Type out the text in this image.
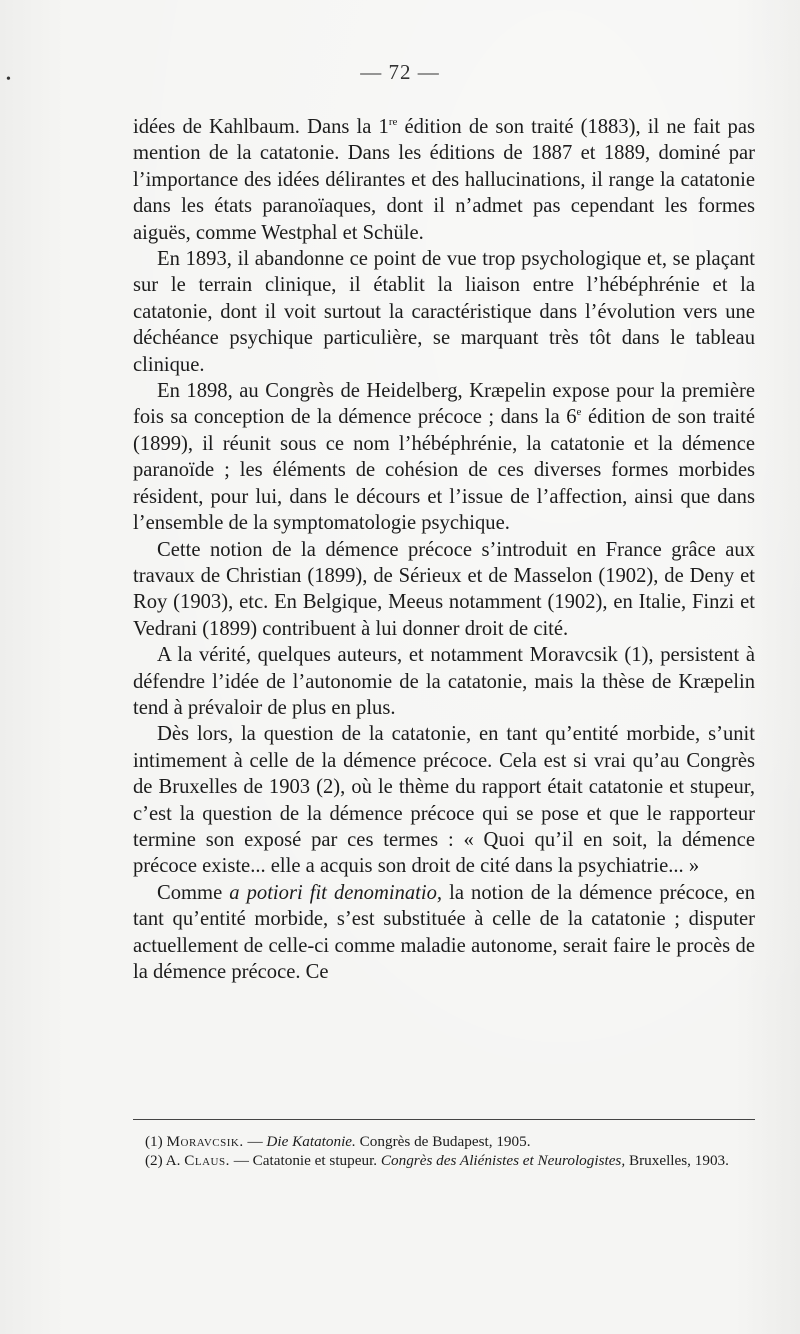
•	— 72 —

idées de Kahlbaum. Dans la 1re édition de son traité (1883), il ne fait pas mention de la catatonie. Dans les éditions de 1887 et 1889, dominé par l’importance des idées délirantes et des hallucinations, il range la catatonie dans les états paranoïaques, dont il n’admet pas cependant les formes aiguës, comme Westphal et Schüle.

En 1893, il abandonne ce point de vue trop psychologique et, se plaçant sur le terrain clinique, il établit la liaison entre l’hébéphrénie et la catatonie, dont il voit surtout la caractéristique dans l’évolution vers une déchéance psychique particulière, se marquant très tôt dans le tableau clinique.

En 1898, au Congrès de Heidelberg, Kræpelin expose pour la première fois sa conception de la démence précoce ; dans la 6e édition de son traité (1899), il réunit sous ce nom l’hébéphrénie, la catatonie et la démence paranoïde ; les éléments de cohésion de ces diverses formes morbides résident, pour lui, dans le décours et l’issue de l’affection, ainsi que dans l’ensemble de la symptomatologie psychique.

Cette notion de la démence précoce s’introduit en France grâce aux travaux de Christian (1899), de Sérieux et de Masselon (1902), de Deny et Roy (1903), etc. En Belgique, Meeus notamment (1902), en Italie, Finzi et Vedrani (1899) contribuent à lui donner droit de cité.

A la vérité, quelques auteurs, et notamment Moravcsik (1), persistent à défendre l’idée de l’autonomie de la catatonie, mais la thèse de Kræpelin tend à prévaloir de plus en plus.

Dès lors, la question de la catatonie, en tant qu’entité morbide, s’unit intimement à celle de la démence précoce. Cela est si vrai qu’au Congrès de Bruxelles de 1903 (2), où le thème du rapport était catatonie et stupeur, c’est la question de la démence précoce qui se pose et que le rapporteur termine son exposé par ces termes : « Quoi qu’il en soit, la démence précoce existe... elle a acquis son droit de cité dans la psychiatrie... »

Comme a potiori fit denominatio, la notion de la démence précoce, en tant qu’entité morbide, s’est substituée à celle de la catatonie ; disputer actuellement de celle-ci comme maladie autonome, serait faire le procès de la démence précoce. Ce

(1) Moravcsik. — Die Katatonie. Congrès de Budapest, 1905.

(2) A. Claus. — Catatonie et stupeur. Congrès des Aliénistes et Neurologistes, Bruxelles, 1903.
